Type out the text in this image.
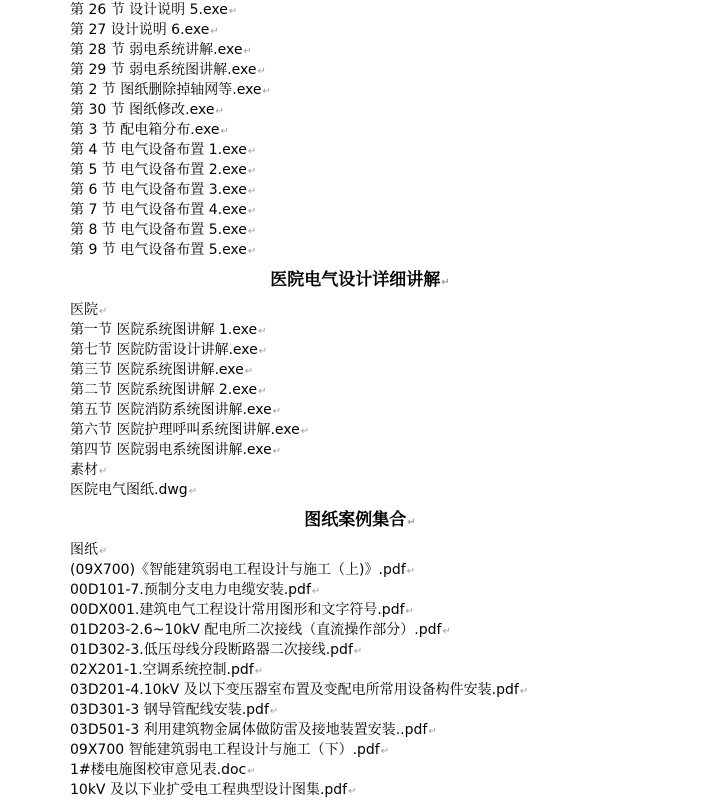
第 26 节 设计说明 5.exe↵
第 27 设计说明 6.exe↵
第 28 节 弱电系统讲解.exe↵
第 29 节 弱电系统图讲解.exe↵
第 2 节 图纸删除掉轴网等.exe↵
第 30 节 图纸修改.exe↵
第 3 节 配电箱分布.exe↵
第 4 节 电气设备布置 1.exe↵
第 5 节 电气设备布置 2.exe↵
第 6 节 电气设备布置 3.exe↵
第 7 节 电气设备布置 4.exe↵
第 8 节 电气设备布置 5.exe↵
第 9 节 电气设备布置 5.exe↵
医院电气设计详细讲解↵
医院↵
第一节 医院系统图讲解 1.exe↵
第七节 医院防雷设计讲解.exe↵
第三节 医院系统图讲解.exe↵
第二节 医院系统图讲解 2.exe↵
第五节 医院消防系统图讲解.exe↵
第六节 医院护理呼叫系统图讲解.exe↵
第四节 医院弱电系统图讲解.exe↵
素材↵
医院电气图纸.dwg↵
图纸案例集合↵
图纸↵
(09X700)《智能建筑弱电工程设计与施工（上)》.pdf↵
00D101-7.预制分支电力电缆安装.pdf↵
00DX001.建筑电气工程设计常用图形和文字符号.pdf↵
01D203-2.6~10kV 配电所二次接线（直流操作部分）.pdf↵
01D302-3.低压母线分段断路器二次接线.pdf↵
02X201-1.空调系统控制.pdf↵
03D201-4.10kV 及以下变压器室布置及变配电所常用设备构件安装.pdf↵
03D301-3 钢导管配线安装.pdf↵
03D501-3 利用建筑物金属体做防雷及接地装置安装..pdf↵
09X700 智能建筑弱电工程设计与施工（下）.pdf↵
1#楼电施图校审意见表.doc↵
10kV 及以下业扩受电工程典型设计图集.pdf↵
